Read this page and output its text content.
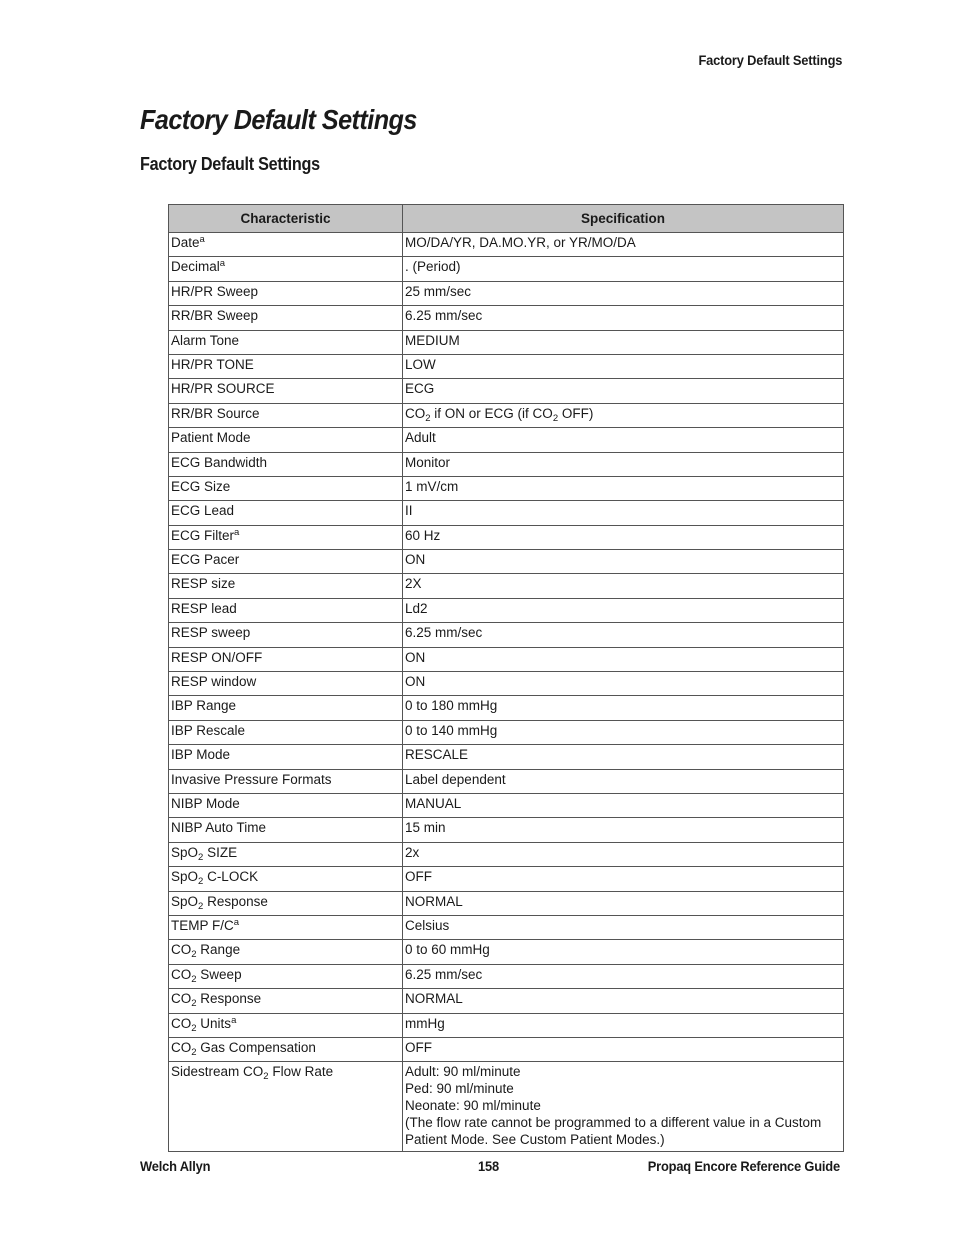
Factory Default Settings
Factory Default Settings
Factory Default Settings
Characteristic	Specification
Date$^a$	MO/DA/YR, DA.MO.YR, or YR/MO/DA
Decimal$^a$	. (Period)
HR/PR Sweep	25 mm/sec
RR/BR Sweep	6.25 mm/sec
Alarm Tone	MEDIUM
HR/PR TONE	LOW
HR/PR SOURCE	ECG
RR/BR Source	$CO_2$ if ON or ECG (if $CO_2$ OFF)
Patient Mode	Adult
ECG Bandwidth	Monitor
ECG Size	1 mV/cm
ECG Lead	II
ECG Filter$^a$	60 Hz
ECG Pacer	ON
RESP size	2X
RESP lead	Ld2
RESP sweep	6.25 mm/sec
RESP ON/OFF	ON
RESP window	ON
IBP Range	0 to 180 mmHg
IBP Rescale	0 to 140 mmHg
IBP Mode	RESCALE
Invasive Pressure Formats	Label dependent
NIBP Mode	MANUAL
NIBP Auto Time	15 min
SpO$_2$ SIZE	2x
SpO$_2$ C-LOCK	OFF
SpO$_2$ Response	NORMAL
TEMP $F/C^a$	Celsius
$CO_2$ Range	0 to 60 mmHg
$CO_2$ Sweep	6.25 mm/sec
$CO_2$ Response	NORMAL
$CO_2$ Units$^a$	mmHg
$CO_2$ Gas Compensation	OFF
Sidestream $CO_2$ Flow Rate	Adult: 90 ml/minute
Ped: 90 ml/minute
Neonate: 90 ml/minute
(The flow rate cannot be programmed to a different value in a Custom
Patient Mode. See Custom Patient Modes.)
Welch Allyn	158	Propaq Encore Reference Guide
